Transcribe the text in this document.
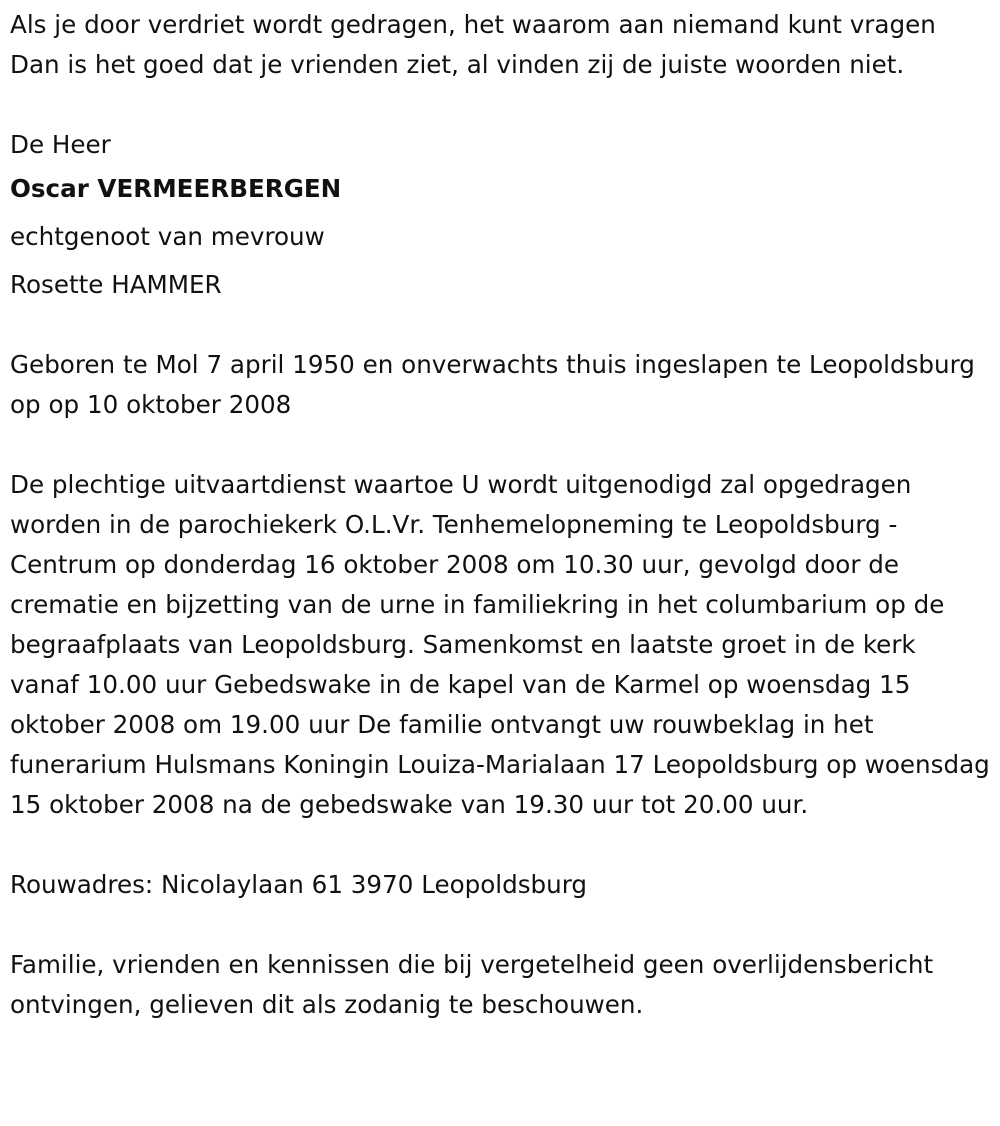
Als je door verdriet wordt gedragen, het waarom aan niemand kunt vragen Dan is het goed dat je vrienden ziet, al vinden zij de juiste woorden niet.

De Heer

Oscar VERMEERBERGEN

echtgenoot van mevrouw

Rosette HAMMER

Geboren te Mol 7 april 1950 en onverwachts thuis ingeslapen te Leopoldsburg op op 10 oktober 2008

De plechtige uitvaartdienst waartoe U wordt uitgenodigd zal opgedragen worden in de parochiekerk O.L.Vr. Tenhemelopneming te Leopoldsburg - Centrum op donderdag 16 oktober 2008 om 10.30 uur, gevolgd door de crematie en bijzetting van de urne in familiekring in het columbarium op de begraafplaats van Leopoldsburg. Samenkomst en laatste groet in de kerk vanaf 10.00 uur Gebedswake in de kapel van de Karmel op woensdag 15 oktober 2008 om 19.00 uur De familie ontvangt uw rouwbeklag in het funerarium Hulsmans Koningin Louiza-Marialaan 17 Leopoldsburg op woensdag 15 oktober 2008 na de gebedswake van 19.30 uur tot 20.00 uur.

Rouwadres: Nicolaylaan 61 3970 Leopoldsburg

Familie, vrienden en kennissen die bij vergetelheid geen overlijdensbericht ontvingen, gelieven dit als zodanig te beschouwen.
